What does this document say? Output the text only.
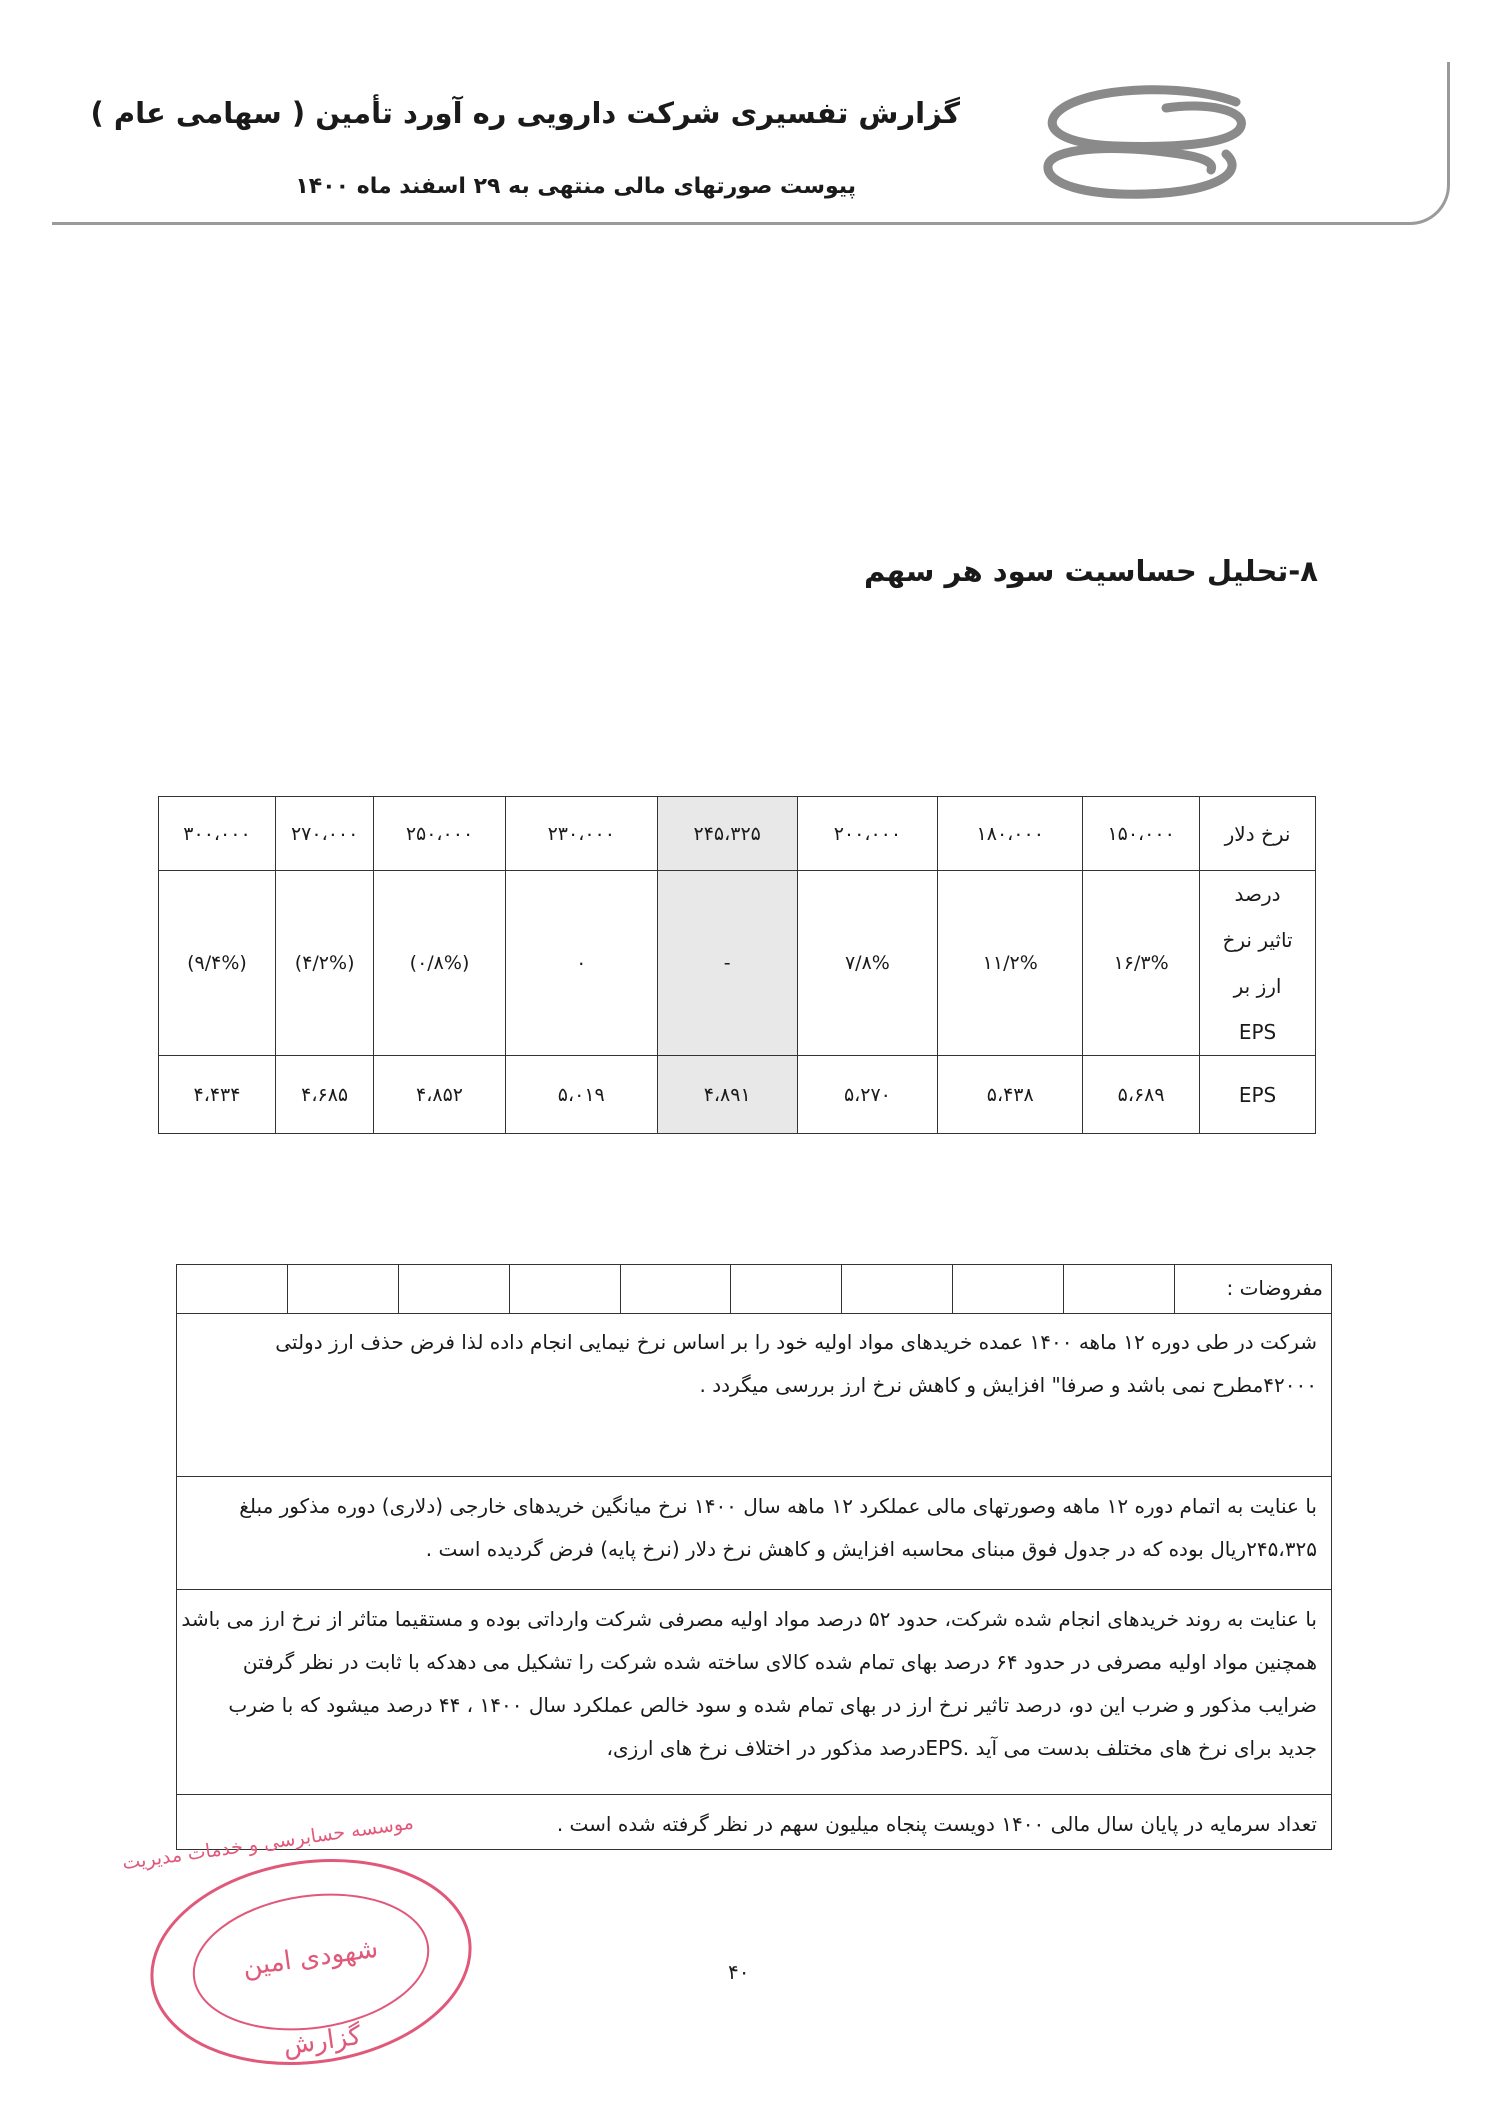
گزارش تفسیری شرکت دارویی ره آورد تأمین ( سهامی عام )
پیوست صورتهای مالی منتهی به ۲۹ اسفند ماه ۱۴۰۰
۸-تحلیل حساسیت سود هر سهم
نرخ دلار	۱۵۰،۰۰۰	۱۸۰،۰۰۰	۲۰۰،۰۰۰	۲۴۵،۳۲۵	۲۳۰،۰۰۰	۲۵۰،۰۰۰	۲۷۰،۰۰۰	۳۰۰،۰۰۰

درصد
تاثیر نرخ
ارز بر
EPS	۱۶/۳%	۱۱/۲%	۷/۸%	-	٠	(۰/۸%)	(۴/۲%)	(۹/۴%)
EPS	۵،۶۸۹	۵،۴۳۸	۵،۲۷۰	۴،۸۹۱	۵،۰۱۹	۴،۸۵۲	۴،۶۸۵	۴،۴۳۴
مفروضات :
شرکت در طی دوره ۱۲ ماهه ۱۴۰۰ عمده خریدهای مواد اولیه خود را بر اساس نرخ نیمایی انجام داده لذا فرض حذف ارز دولتی
۴۲۰۰۰مطرح نمی باشد و صرفا" افزایش و کاهش نرخ ارز بررسی میگردد .
با عنایت به اتمام دوره ۱۲ ماهه وصورتهای مالی عملکرد ۱۲ ماهه سال ۱۴۰۰ نرخ میانگین خریدهای خارجی (دلاری) دوره مذکور مبلغ
۲۴۵،۳۲۵ریال بوده که در جدول فوق مبنای محاسبه افزایش و کاهش نرخ دلار (نرخ پایه) فرض گردیده است .
با عنایت به روند خریدهای انجام شده شرکت، حدود ۵۲ درصد مواد اولیه مصرفی شرکت وارداتی بوده و مستقیما متاثر از نرخ ارز می باشد
همچنین مواد اولیه مصرفی در حدود ۶۴ درصد بهای تمام شده کالای ساخته شده شرکت را تشکیل می دهدکه با ثابت در نظر گرفتن
ضرایب مذکور و ضرب این دو، درصد تاثیر نرخ ارز در بهای تمام شده و سود خالص عملکرد سال ۱۴۰۰ ، ۴۴ درصد میشود که با ضرب
جدید برای نرخ های مختلف بدست می آید .EPSدرصد مذکور در اختلاف نرخ های ارزی،
تعداد سرمایه در پایان سال مالی ۱۴۰۰ دویست پنجاه میلیون سهم در نظر گرفته شده است .
۴۰
موسسه حسابرسی و خدمات مدیریت
شهودی امین
گزارش
